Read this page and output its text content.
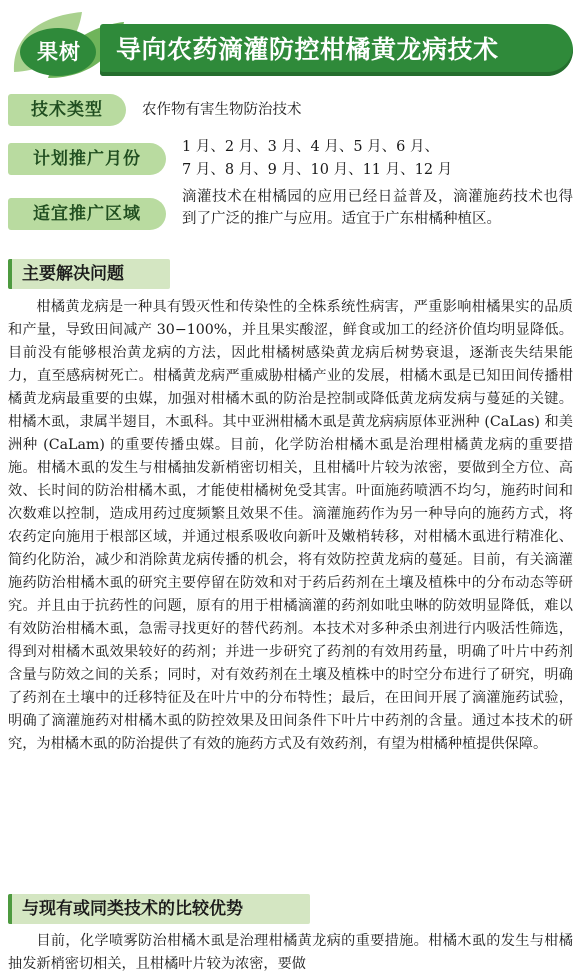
果树	导向农药滴灌防控柑橘黄龙病技术
技术类型	农作物有害生物防治技术
计划推广月份
1 月、2 月、3 月、4 月、5 月、6 月、
7 月、8 月、9 月、10 月、11 月、12 月
适宜推广区域
滴灌技术在柑橘园的应用已经日益普及，滴灌施药技术也得到了广泛的推广与应用。适宜于广东柑橘种植区。
主要解决问题

柑橘黄龙病是一种具有毁灭性和传染性的全株系统性病害，严重影响柑橘果实的品质和产量，导致田间减产 30−100%，并且果实酸涩，鲜食或加工的经济价值均明显降低。目前没有能够根治黄龙病的方法，因此柑橘树感染黄龙病后树势衰退，逐渐丧失结果能力，直至感病树死亡。柑橘黄龙病严重威胁柑橘产业的发展，柑橘木虱是已知田间传播柑橘黄龙病最重要的虫媒，加强对柑橘木虱的防治是控制或降低黄龙病发病与蔓延的关键。柑橘木虱，隶属半翅目，木虱科。其中亚洲柑橘木虱是黄龙病病原体亚洲种 (CaLas) 和美洲种 (CaLam) 的重要传播虫媒。目前，化学防治柑橘木虱是治理柑橘黄龙病的重要措施。柑橘木虱的发生与柑橘抽发新梢密切相关，且柑橘叶片较为浓密，要做到全方位、高效、长时间的防治柑橘木虱，才能使柑橘树免受其害。叶面施药喷洒不均匀，施药时间和次数难以控制，造成用药过度频繁且效果不佳。滴灌施药作为另一种导向的施药方式，将农药定向施用于根部区域，并通过根系吸收向新叶及嫩梢转移，对柑橘木虱进行精准化、简约化防治，减少和消除黄龙病传播的机会，将有效防控黄龙病的蔓延。目前，有关滴灌施药防治柑橘木虱的研究主要停留在防效和对于药后药剂在土壤及植株中的分布动态等研究。并且由于抗药性的问题，原有的用于柑橘滴灌的药剂如吡虫啉的防效明显降低，难以有效防治柑橘木虱，急需寻找更好的替代药剂。本技术对多种杀虫剂进行内吸活性筛选，得到对柑橘木虱效果较好的药剂；并进一步研究了药剂的有效用药量，明确了叶片中药剂含量与防效之间的关系；同时，对有效药剂在土壤及植株中的时空分布进行了研究，明确了药剂在土壤中的迁移特征及在叶片中的分布特性；最后，在田间开展了滴灌施药试验，明确了滴灌施药对柑橘木虱的防控效果及田间条件下叶片中药剂的含量。通过本技术的研究，为柑橘木虱的防治提供了有效的施药方式及有效药剂，有望为柑橘种植提供保障。

与现有或同类技术的比较优势

目前，化学喷雾防治柑橘木虱是治理柑橘黄龙病的重要措施。柑橘木虱的发生与柑橘抽发新梢密切相关，且柑橘叶片较为浓密，要做
